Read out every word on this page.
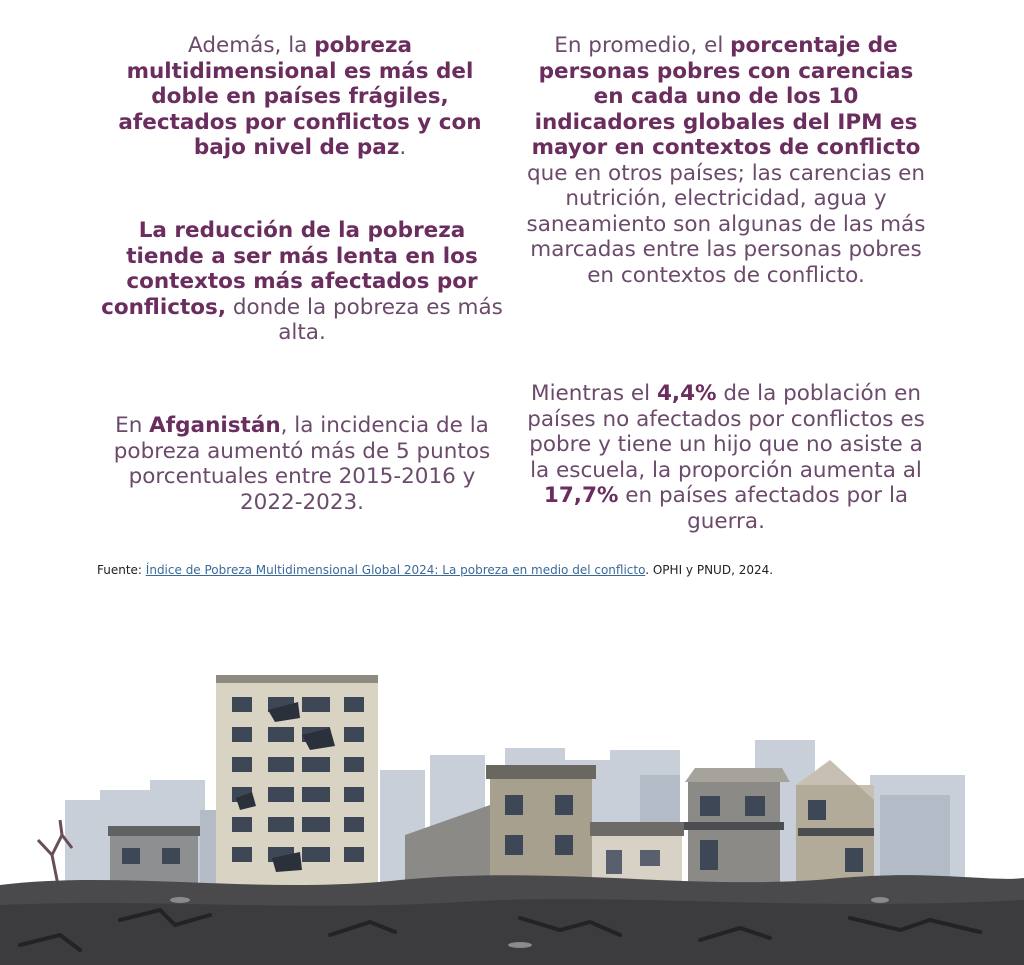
Además, la pobreza multidimensional es más del doble en países frágiles, afectados por conflictos y con bajo nivel de paz.
La reducción de la pobreza tiende a ser más lenta en los contextos más afectados por conflictos, donde la pobreza es más alta.
En Afganistán, la incidencia de la pobreza aumentó más de 5 puntos porcentuales entre 2015-2016 y 2022-2023.
En promedio, el porcentaje de personas pobres con carencias en cada uno de los 10 indicadores globales del IPM es mayor en contextos de conflicto que en otros países; las carencias en nutrición, electricidad, agua y saneamiento son algunas de las más marcadas entre las personas pobres en contextos de conflicto.
Mientras el 4,4% de la población en países no afectados por conflictos es pobre y tiene un hijo que no asiste a la escuela, la proporción aumenta al 17,7% en países afectados por la guerra.
Fuente: Índice de Pobreza Multidimensional Global 2024: La pobreza en medio del conflicto. OPHI y PNUD, 2024.
